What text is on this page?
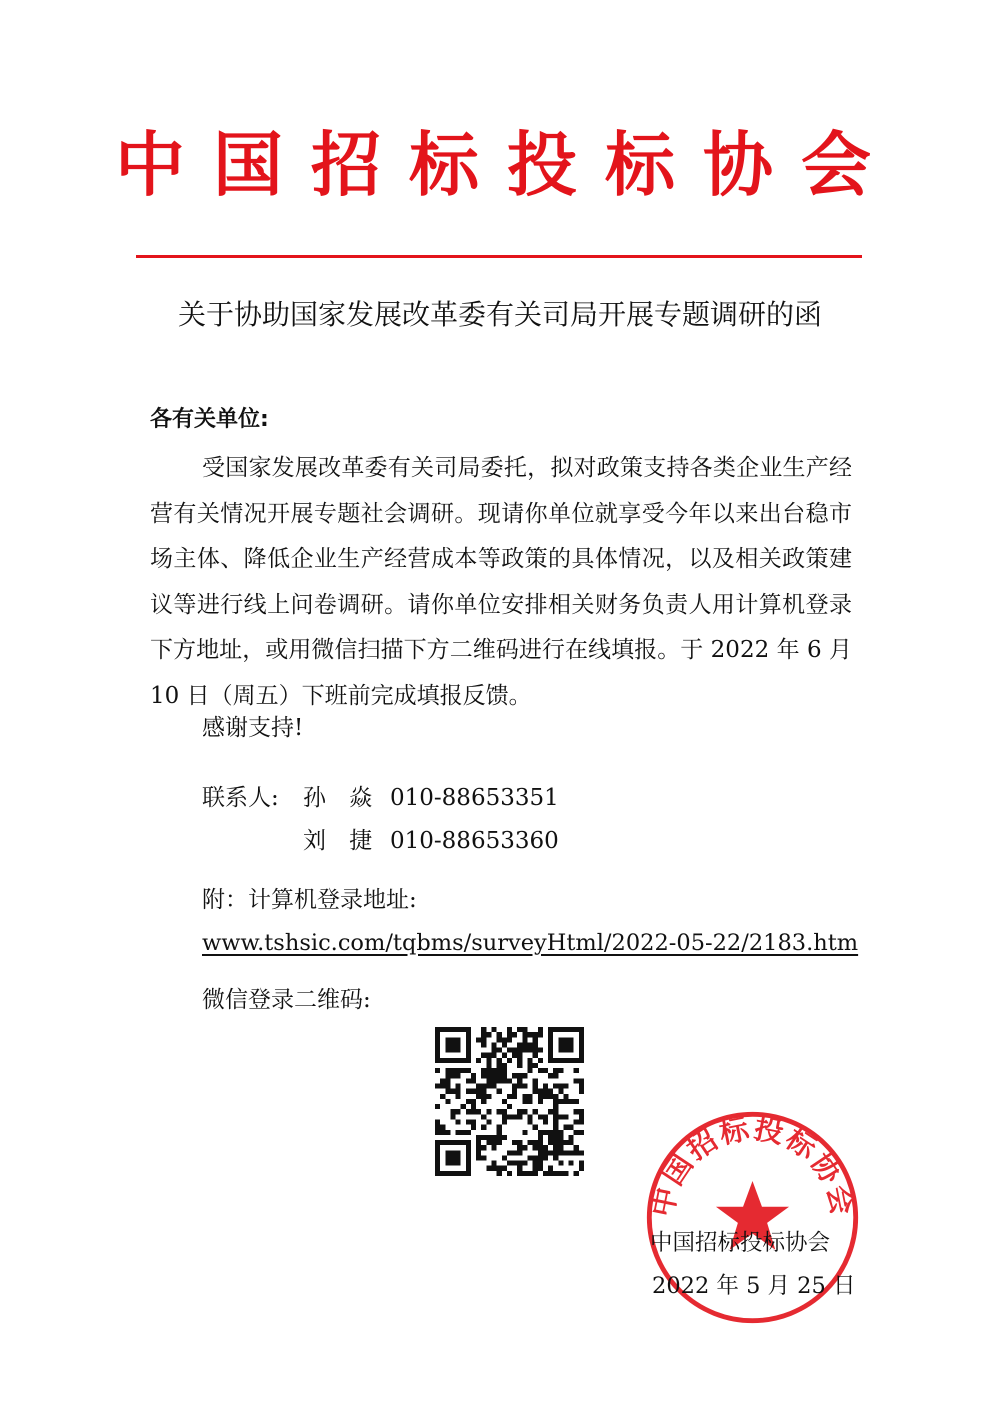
中国招标投标协会
关于协助国家发展改革委有关司局开展专题调研的函
各有关单位:
受国家发展改革委有关司局委托，拟对政策支持各类企业生产经营有关情况开展专题社会调研。现请你单位就享受今年以来出台稳市场主体、降低企业生产经营成本等政策的具体情况，以及相关政策建议等进行线上问卷调研。请你单位安排相关财务负责人用计算机登录下方地址，或用微信扫描下方二维码进行在线填报。于 2022 年 6 月 10 日（周五）下班前完成填报反馈。
感谢支持!
联系人: 孙 焱 010-88653351
刘 捷 010-88653360
附：计算机登录地址:
www.tshsic.com/tqbms/surveyHtml/2022-05-22/2183.htm
微信登录二维码:
中国招标投标协会
中国招标投标协会
2022 年 5 月 25 日
